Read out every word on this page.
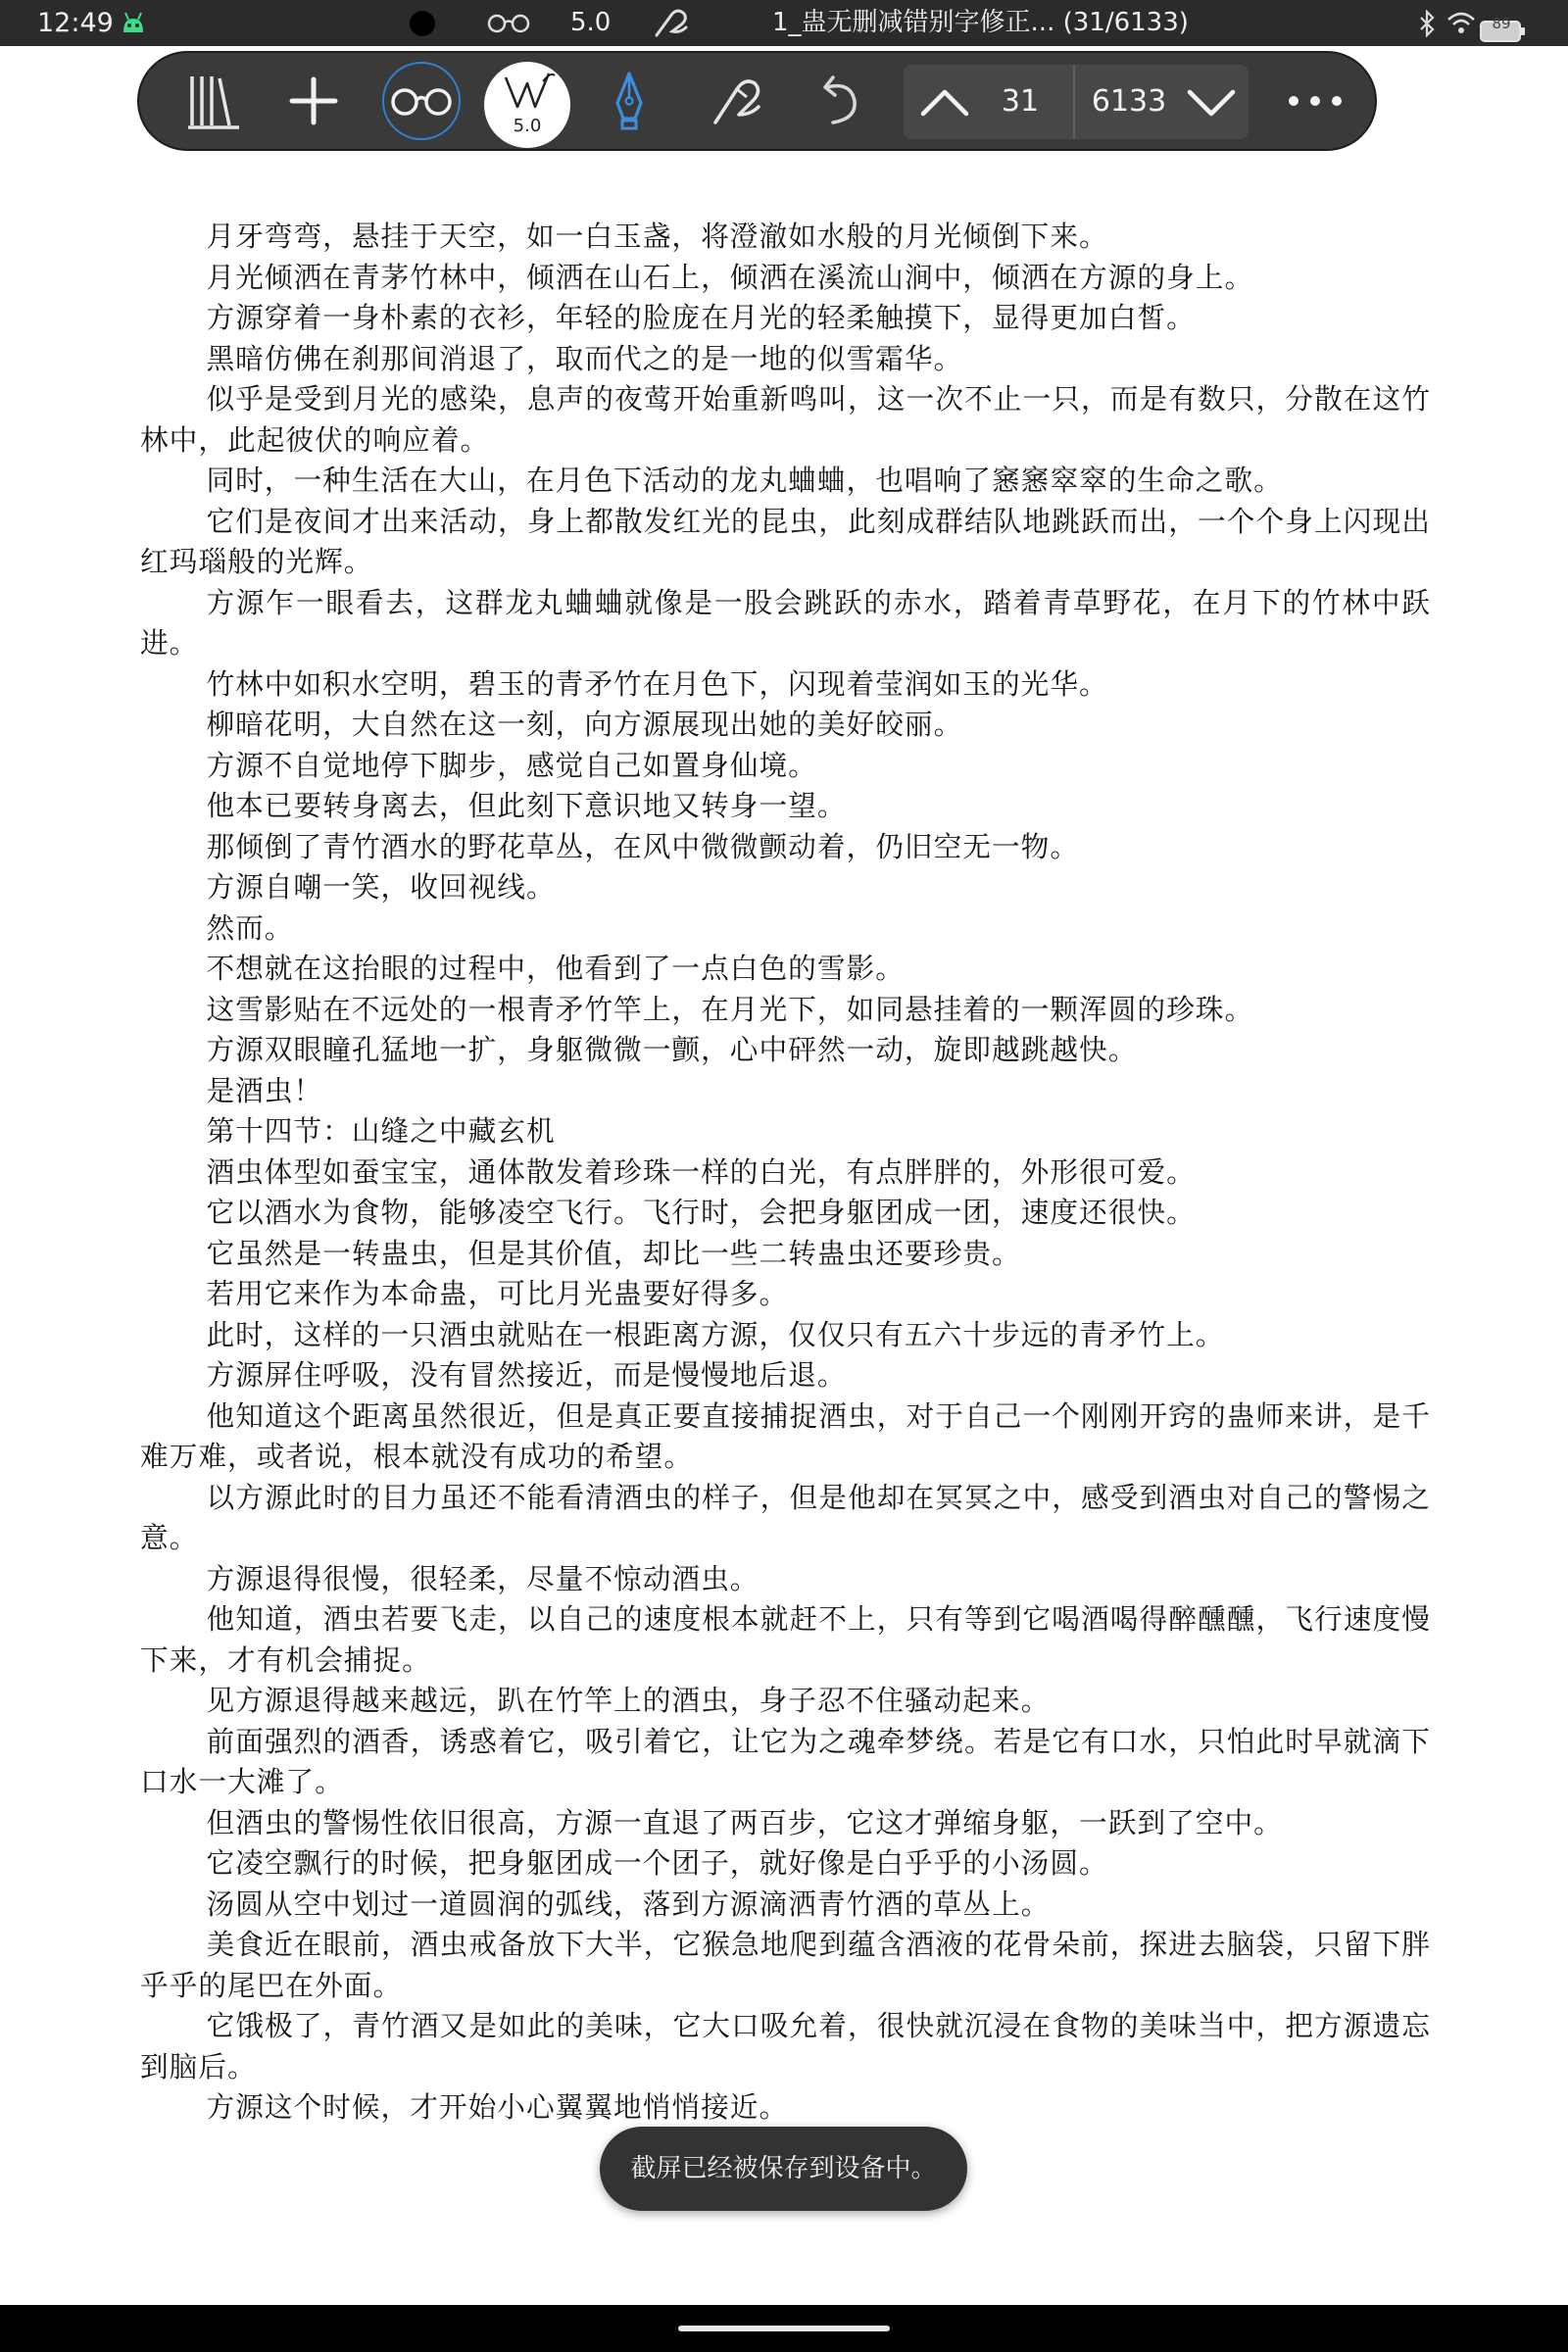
12:49	5.0	1_蛊无删减错别字修正... (31/6133)	89
5.0
31	6133

月牙弯弯，悬挂于天空，如一白玉盏，将澄澈如水般的月光倾倒下来。

月光倾洒在青茅竹林中，倾洒在山石上，倾洒在溪流山涧中，倾洒在方源的身上。

方源穿着一身朴素的衣衫，年轻的脸庞在月光的轻柔触摸下，显得更加白皙。

黑暗仿佛在刹那间消退了，取而代之的是一地的似雪霜华。

似乎是受到月光的感染，息声的夜莺开始重新鸣叫，这一次不止一只，而是有数只，分散在这竹林中，此起彼伏的响应着。

同时，一种生活在大山，在月色下活动的龙丸蛐蛐，也唱响了窸窸窣窣的生命之歌。

它们是夜间才出来活动，身上都散发红光的昆虫，此刻成群结队地跳跃而出，一个个身上闪现出红玛瑙般的光辉。

方源乍一眼看去，这群龙丸蛐蛐就像是一股会跳跃的赤水，踏着青草野花，在月下的竹林中跃进。

竹林中如积水空明，碧玉的青矛竹在月色下，闪现着莹润如玉的光华。

柳暗花明，大自然在这一刻，向方源展现出她的美好皎丽。

方源不自觉地停下脚步，感觉自己如置身仙境。

他本已要转身离去，但此刻下意识地又转身一望。

那倾倒了青竹酒水的野花草丛，在风中微微颤动着，仍旧空无一物。

方源自嘲一笑，收回视线。

然而。

不想就在这抬眼的过程中，他看到了一点白色的雪影。

这雪影贴在不远处的一根青矛竹竿上，在月光下，如同悬挂着的一颗浑圆的珍珠。

方源双眼瞳孔猛地一扩，身躯微微一颤，心中砰然一动，旋即越跳越快。

是酒虫！

第十四节：山缝之中藏玄机

酒虫体型如蚕宝宝，通体散发着珍珠一样的白光，有点胖胖的，外形很可爱。

它以酒水为食物，能够凌空飞行。飞行时，会把身躯团成一团，速度还很快。

它虽然是一转蛊虫，但是其价值，却比一些二转蛊虫还要珍贵。

若用它来作为本命蛊，可比月光蛊要好得多。

此时，这样的一只酒虫就贴在一根距离方源，仅仅只有五六十步远的青矛竹上。

方源屏住呼吸，没有冒然接近，而是慢慢地后退。

他知道这个距离虽然很近，但是真正要直接捕捉酒虫，对于自己一个刚刚开窍的蛊师来讲，是千难万难，或者说，根本就没有成功的希望。

以方源此时的目力虽还不能看清酒虫的样子，但是他却在冥冥之中，感受到酒虫对自己的警惕之意。

方源退得很慢，很轻柔，尽量不惊动酒虫。

他知道，酒虫若要飞走，以自己的速度根本就赶不上，只有等到它喝酒喝得醉醺醺，飞行速度慢下来，才有机会捕捉。

见方源退得越来越远，趴在竹竿上的酒虫，身子忍不住骚动起来。

前面强烈的酒香，诱惑着它，吸引着它，让它为之魂牵梦绕。若是它有口水，只怕此时早就滴下口水一大滩了。

但酒虫的警惕性依旧很高，方源一直退了两百步，它这才弹缩身躯，一跃到了空中。

它凌空飘行的时候，把身躯团成一个团子，就好像是白乎乎的小汤圆。

汤圆从空中划过一道圆润的弧线，落到方源滴洒青竹酒的草丛上。

美食近在眼前，酒虫戒备放下大半，它猴急地爬到蕴含酒液的花骨朵前，探进去脑袋，只留下胖乎乎的尾巴在外面。

它饿极了，青竹酒又是如此的美味，它大口吸允着，很快就沉浸在食物的美味当中，把方源遗忘到脑后。

方源这个时候，才开始小心翼翼地悄悄接近。

截屏已经被保存到设备中。
